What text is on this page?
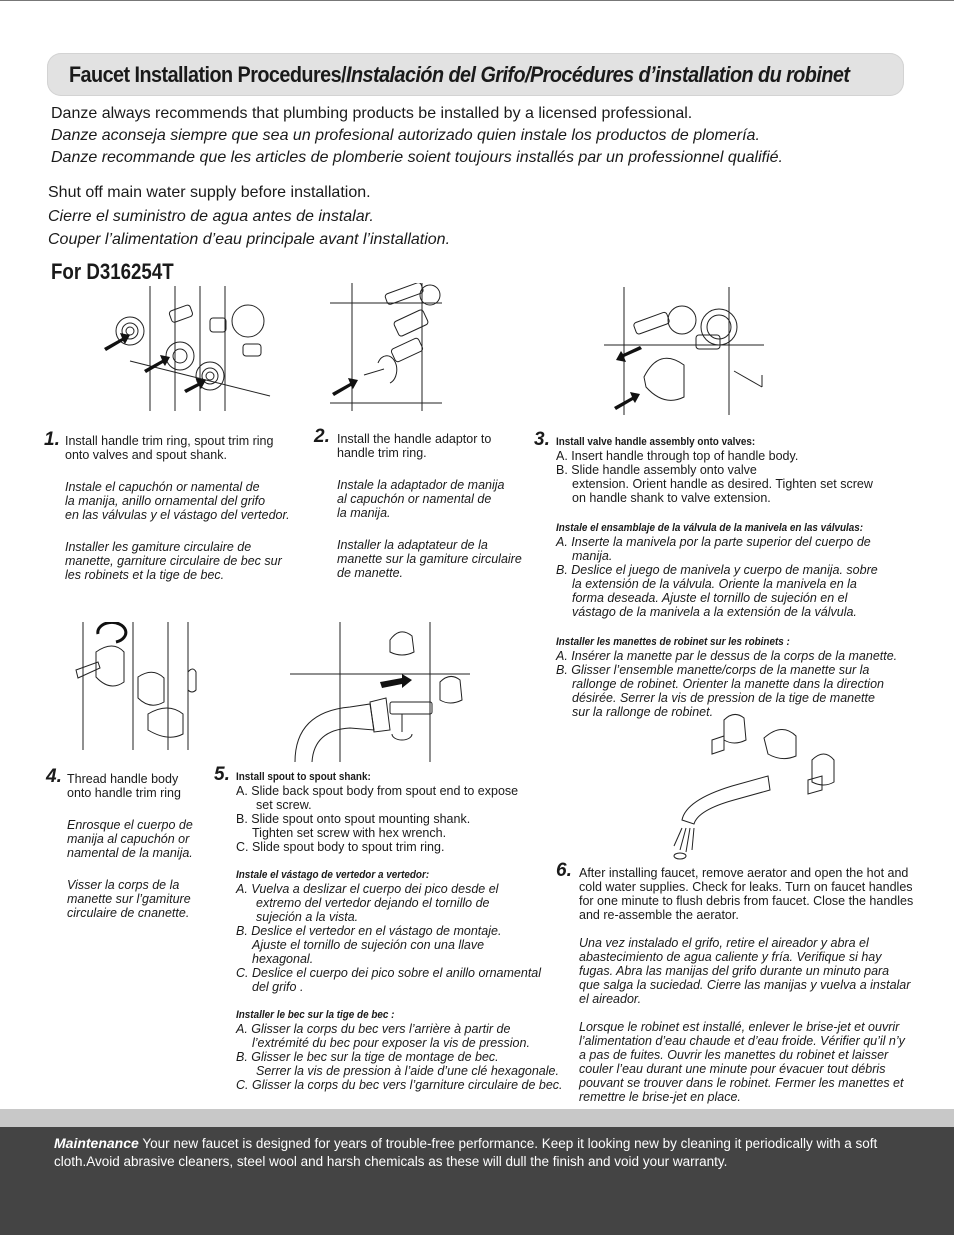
Faucet Installation Procedures/Instalación del Grifo/Procédures d’installation du robinet
Danze always recommends that plumbing products be installed by a licensed professional.
Danze aconseja siempre que sea un profesional autorizado quien instale los productos de plomería.
Danze recommande que les articles de plomberie soient toujours installés par un professionnel qualifié.
Shut off main water supply before installation.
Cierre el suministro de agua antes de instalar.
Couper l’alimentation d’eau principale avant l’installation.
For D316254T
1. Install handle trim ring, spout trim ring

onto valves and spout shank.

Instale el capuchón or namental de

la manija, anillo ornamental del grifo

en las válvulas y el vástago del vertedor.

Installer les gamiture circulaire de

manette, garniture circulaire de bec sur

les robinets et la tige de bec.

2. Install the handle adaptor to

handle trim ring.

Instale la adaptador de manija

al capuchón or namental de

la manija.

Installer la adaptateur de la

manette sur la gamiture circulaire

de manette.

3. Install valve handle assembly onto valves:

A. Insert handle through top of handle body.

B. Slide handle assembly onto valve

extension. Orient handle as desired. Tighten set screw

on handle shank to valve extension.

Instale el ensamblaje de la válvula de la manivela en las válvulas:

A. Inserte la manivela por la parte superior del cuerpo de

manija.

B. Deslice el juego de manivela y cuerpo de manija. sobre

la extensión de la válvula. Oriente la manivela en la

forma deseada. Ajuste el tornillo de sujeción en el

vástago de la manivela a la extensión de la válvula.

Installer les manettes de robinet sur les robinets :

A. Insérer la manette par le dessus de la corps de la manette.

B. Glisser l’ensemble manette/corps de la manette sur la

rallonge de robinet. Orienter la manette dans la direction

désirée. Serrer la vis de pression de la tige de manette

sur la rallonge de robinet.

4. Thread handle body

onto handle trim ring

Enrosque el cuerpo de

manija al capuchón or

namental de la manija.

Visser la corps de la

manette sur l’gamiture

circulaire de cnanette.

5. Install spout to spout shank:

A. Slide back spout body from spout end to expose

set screw.

B. Slide spout onto spout mounting shank.

Tighten set screw with hex wrench.

C. Slide spout body to spout trim ring.

Instale el vástago de vertedor a vertedor:

A. Vuelva a deslizar el cuerpo dei pico desde el

extremo del vertedor dejando el tornillo de

sujeción a la vista.

B. Deslice el vertedor en el vástago de montaje.

Ajuste el tornillo de sujeción con una llave

hexagonal.

C. Deslice el cuerpo dei pico sobre el anillo ornamental

del grifo .

Installer le bec sur la tige de bec :

A. Glisser la corps du bec vers l’arrière à partir de

l’extrémité du bec pour exposer la vis de pression.

B. Glisser le bec sur la tige de montage de bec.

Serrer la vis de pression à l’aide d’une clé hexagonale.

C. Glisser la corps du bec vers l’garniture circulaire de bec.

6. After installing faucet, remove aerator and open the hot and

cold water supplies. Check for leaks. Turn on faucet handles

for one minute to flush debris from faucet. Close the handles

and re-assemble the aerator.

Una vez instalado el grifo, retire el aireador y abra el

abastecimiento de agua caliente y fría. Verifique si hay

fugas. Abra las manijas del grifo durante un minuto para

que salga la suciedad. Cierre las manijas y vuelva a instalar

el aireador.

Lorsque le robinet est installé, enlever le brise-jet et ouvrir

l’alimentation d’eau chaude et d’eau froide. Vérifier qu’il n’y

a pas de fuites. Ouvrir les manettes du robinet et laisser

couler l’eau durant une minute pour évacuer tout débris

pouvant se trouver dans le robinet. Fermer les manettes et

remettre le brise-jet en place.

Maintenance Your new faucet is designed for years of trouble-free performance. Keep it looking new by cleaning it periodically with a soft
cloth.Avoid abrasive cleaners, steel wool and harsh chemicals as these will dull the finish and void your warranty.
